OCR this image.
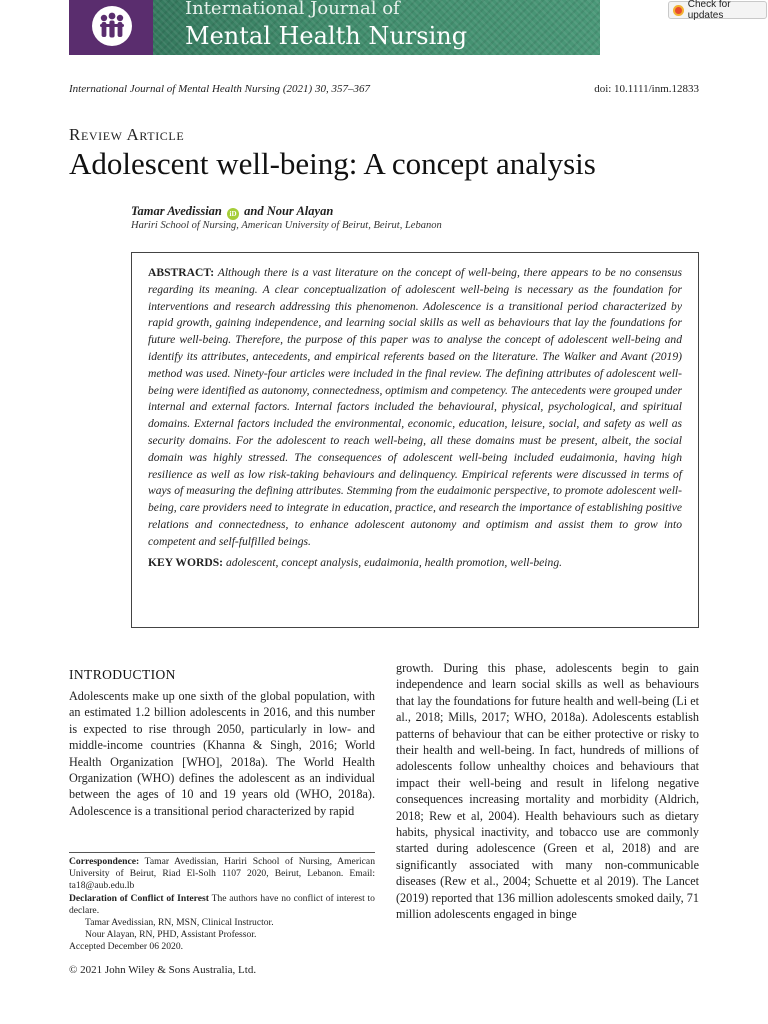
International Journal of
Mental Health Nursing
Check for updates
International Journal of Mental Health Nursing (2021) 30, 357–367	doi: 10.1111/inm.12833
Review Article
Adolescent well-being: A concept analysis
Tamar Avedissian iD and Nour Alayan
Hariri School of Nursing, American University of Beirut, Beirut, Lebanon

ABSTRACT: Although there is a vast literature on the concept of well-being, there appears to be no consensus regarding its meaning. A clear conceptualization of adolescent well-being is necessary as the foundation for interventions and research addressing this phenomenon. Adolescence is a transitional period characterized by rapid growth, gaining independence, and learning social skills as well as behaviours that lay the foundations for future well-being. Therefore, the purpose of this paper was to analyse the concept of adolescent well-being and identify its attributes, antecedents, and empirical referents based on the literature. The Walker and Avant (2019) method was used. Ninety-four articles were included in the final review. The defining attributes of adolescent well-being were identified as autonomy, connectedness, optimism and competency. The antecedents were grouped under internal and external factors. Internal factors included the behavioural, physical, psychological, and spiritual domains. External factors included the environmental, economic, education, leisure, social, and safety as well as security domains. For the adolescent to reach well-being, all these domains must be present, albeit, the social domain was highly stressed. The consequences of adolescent well-being included eudaimonia, having high resilience as well as low risk-taking behaviours and delinquency. Empirical referents were discussed in terms of ways of measuring the defining attributes. Stemming from the eudaimonic perspective, to promote adolescent well-being, care providers need to integrate in education, practice, and research the importance of establishing positive relations and connectedness, to enhance adolescent autonomy and optimism and assist them to grow into competent and self-fulfilled beings.

KEY WORDS: adolescent, concept analysis, eudaimonia, health promotion, well-being.

INTRODUCTION
Adolescents make up one sixth of the global population, with an estimated 1.2 billion adolescents in 2016, and this number is expected to rise through 2050, particularly in low- and middle-income countries (Khanna & Singh, 2016; World Health Organization [WHO], 2018a). The World Health Organization (WHO) defines the adolescent as an individual between the ages of 10 and 19 years old (WHO, 2018a). Adolescence is a transitional period characterized by rapid
growth. During this phase, adolescents begin to gain independence and learn social skills as well as behaviours that lay the foundations for future health and well-being (Li et al., 2018; Mills, 2017; WHO, 2018a). Adolescents establish patterns of behaviour that can be either protective or risky to their health and well-being. In fact, hundreds of millions of adolescents follow unhealthy choices and behaviours that impact their well-being and result in lifelong negative consequences increasing mortality and morbidity (Aldrich, 2018; Rew et al, 2004). Health behaviours such as dietary habits, physical inactivity, and tobacco use are commonly started during adolescence (Green et al, 2018) and are significantly associated with many non-communicable diseases (Rew et al., 2004; Schuette et al 2019). The Lancet (2019) reported that 136 million adolescents smoked daily, 71 million adolescents engaged in binge

Correspondence: Tamar Avedissian, Hariri School of Nursing, American University of Beirut, Riad El-Solh 1107 2020, Beirut, Lebanon. Email: ta18@aub.edu.lb

Declaration of Conflict of Interest The authors have no conflict of interest to declare.

Tamar Avedissian, RN, MSN, Clinical Instructor.

Nour Alayan, RN, PHD, Assistant Professor.

Accepted December 06 2020.

© 2021 John Wiley & Sons Australia, Ltd.
